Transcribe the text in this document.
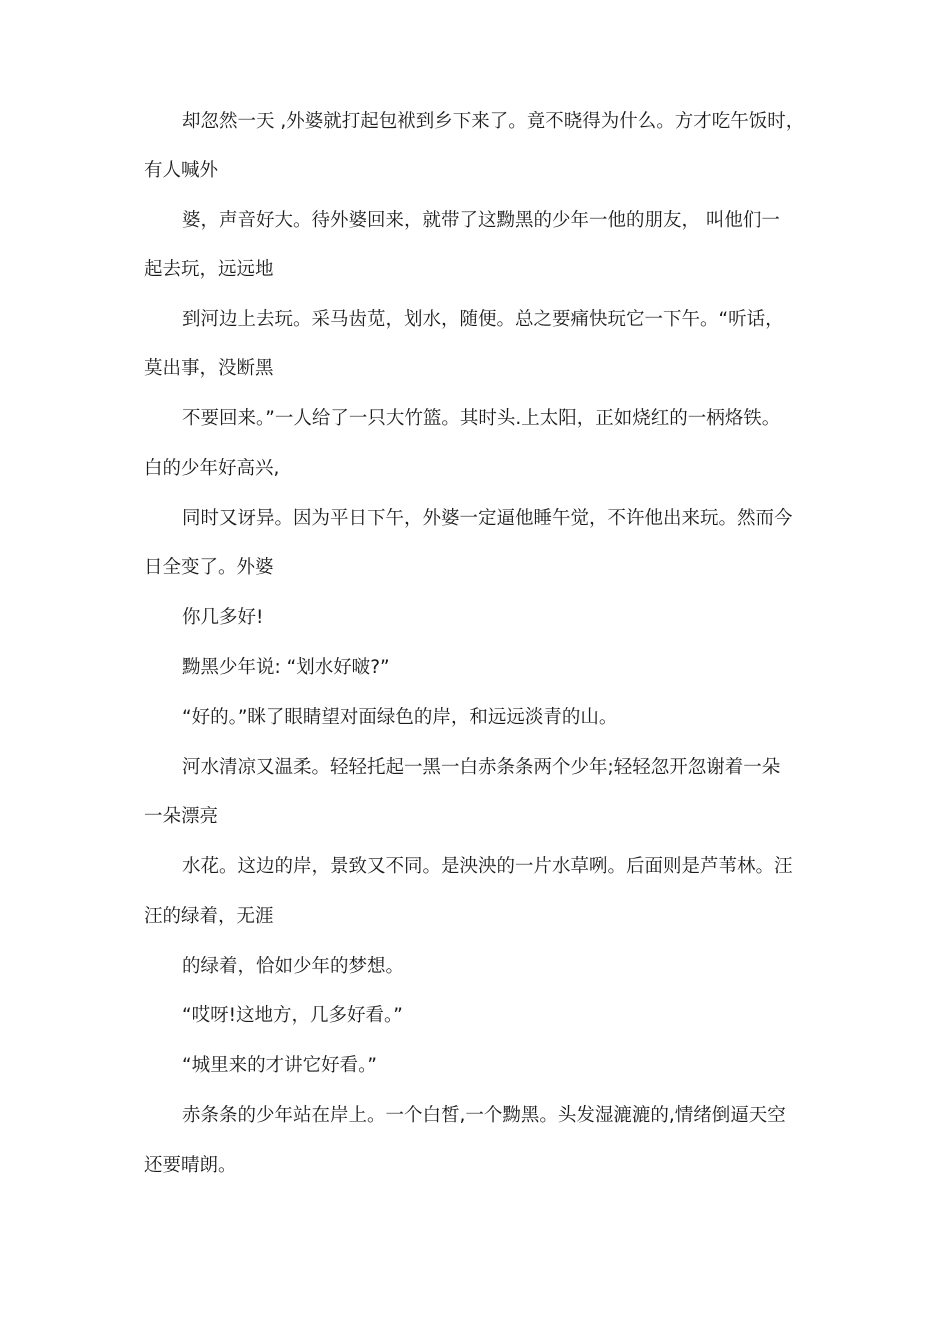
却忽然一天 ,外婆就打起包袱到乡下来了。竟不晓得为什么。方才吃午饭时，
有人喊外
婆，声音好大。待外婆回来，就带了这黝黑的少年一他的朋友， 叫他们一
起去玩，远远地
到河边上去玩。采马齿苋，划水，随便。总之要痛快玩它一下午。“听话，
莫出事，没断黑
不要回来。”一人给了一只大竹篮。其时头.上太阳，正如烧红的一柄烙铁。
白的少年好高兴,
同时又讶异。因为平日下午，外婆一定逼他睡午觉，不许他出来玩。然而今
日全变了。外婆
你几多好!
黝黑少年说: “划水好啵?”
“好的。”眯了眼睛望对面绿色的岸，和远远淡青的山。
河水清凉又温柔。轻轻托起一黑一白赤条条两个少年;轻轻忽开忽谢着一朵
一朵漂亮
水花。这边的岸，景致又不同。是泱泱的一片水草咧。后面则是芦苇林。汪
汪的绿着，无涯
的绿着，恰如少年的梦想。
“哎呀!这地方，几多好看。”
“城里来的才讲它好看。”
赤条条的少年站在岸上。一个白皙,一个黝黑。头发湿漉漉的,情绪倒逼天空
还要晴朗。
